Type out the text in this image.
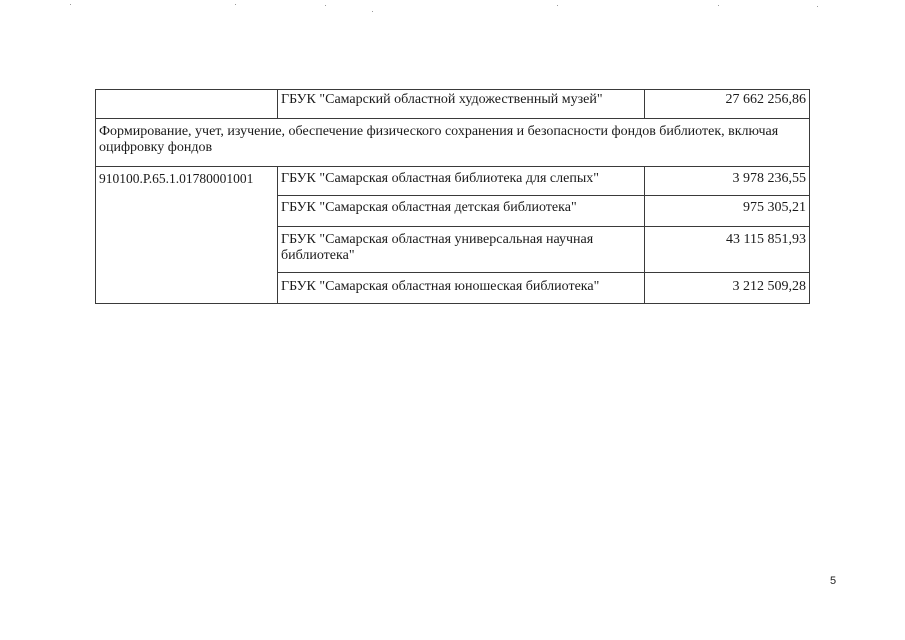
	ГБУК "Самарский областной художественный музей"	27 662 256,86
Формирование, учет, изучение, обеспечение физического сохранения и безопасности фондов библиотек, включая оцифровку фондов		
910100.Р.65.1.01780001001	ГБУК "Самарская областная библиотека для слепых"	3 978 236,55
	ГБУК "Самарская областная детская библиотека"	975 305,21
	ГБУК "Самарская областная универсальная научная библиотека"	43 115 851,93
	ГБУК "Самарская областная юношеская библиотека"	3 212 509,28
5
